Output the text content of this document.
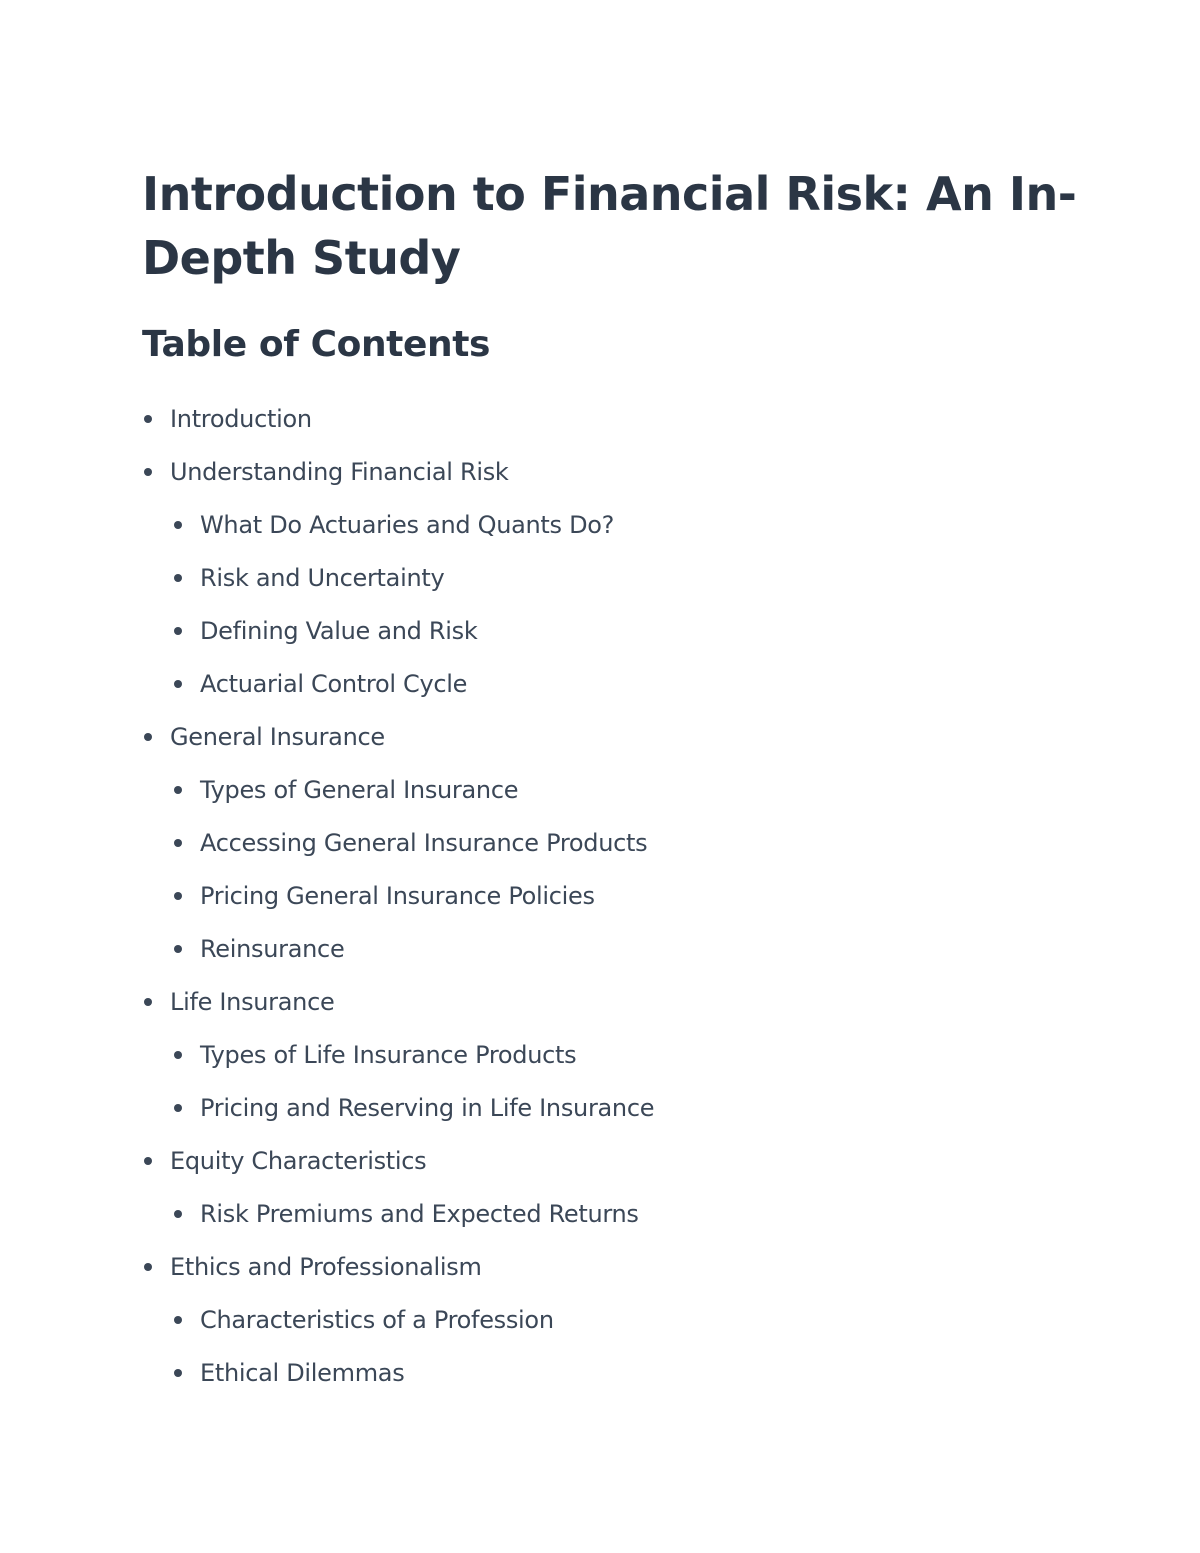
Introduction to Financial Risk: An In-Depth Study
Table of Contents
Introduction
Understanding Financial Risk
What Do Actuaries and Quants Do?
Risk and Uncertainty
Defining Value and Risk
Actuarial Control Cycle
General Insurance
Types of General Insurance
Accessing General Insurance Products
Pricing General Insurance Policies
Reinsurance
Life Insurance
Types of Life Insurance Products
Pricing and Reserving in Life Insurance
Equity Characteristics
Risk Premiums and Expected Returns
Ethics and Professionalism
Characteristics of a Profession
Ethical Dilemmas
